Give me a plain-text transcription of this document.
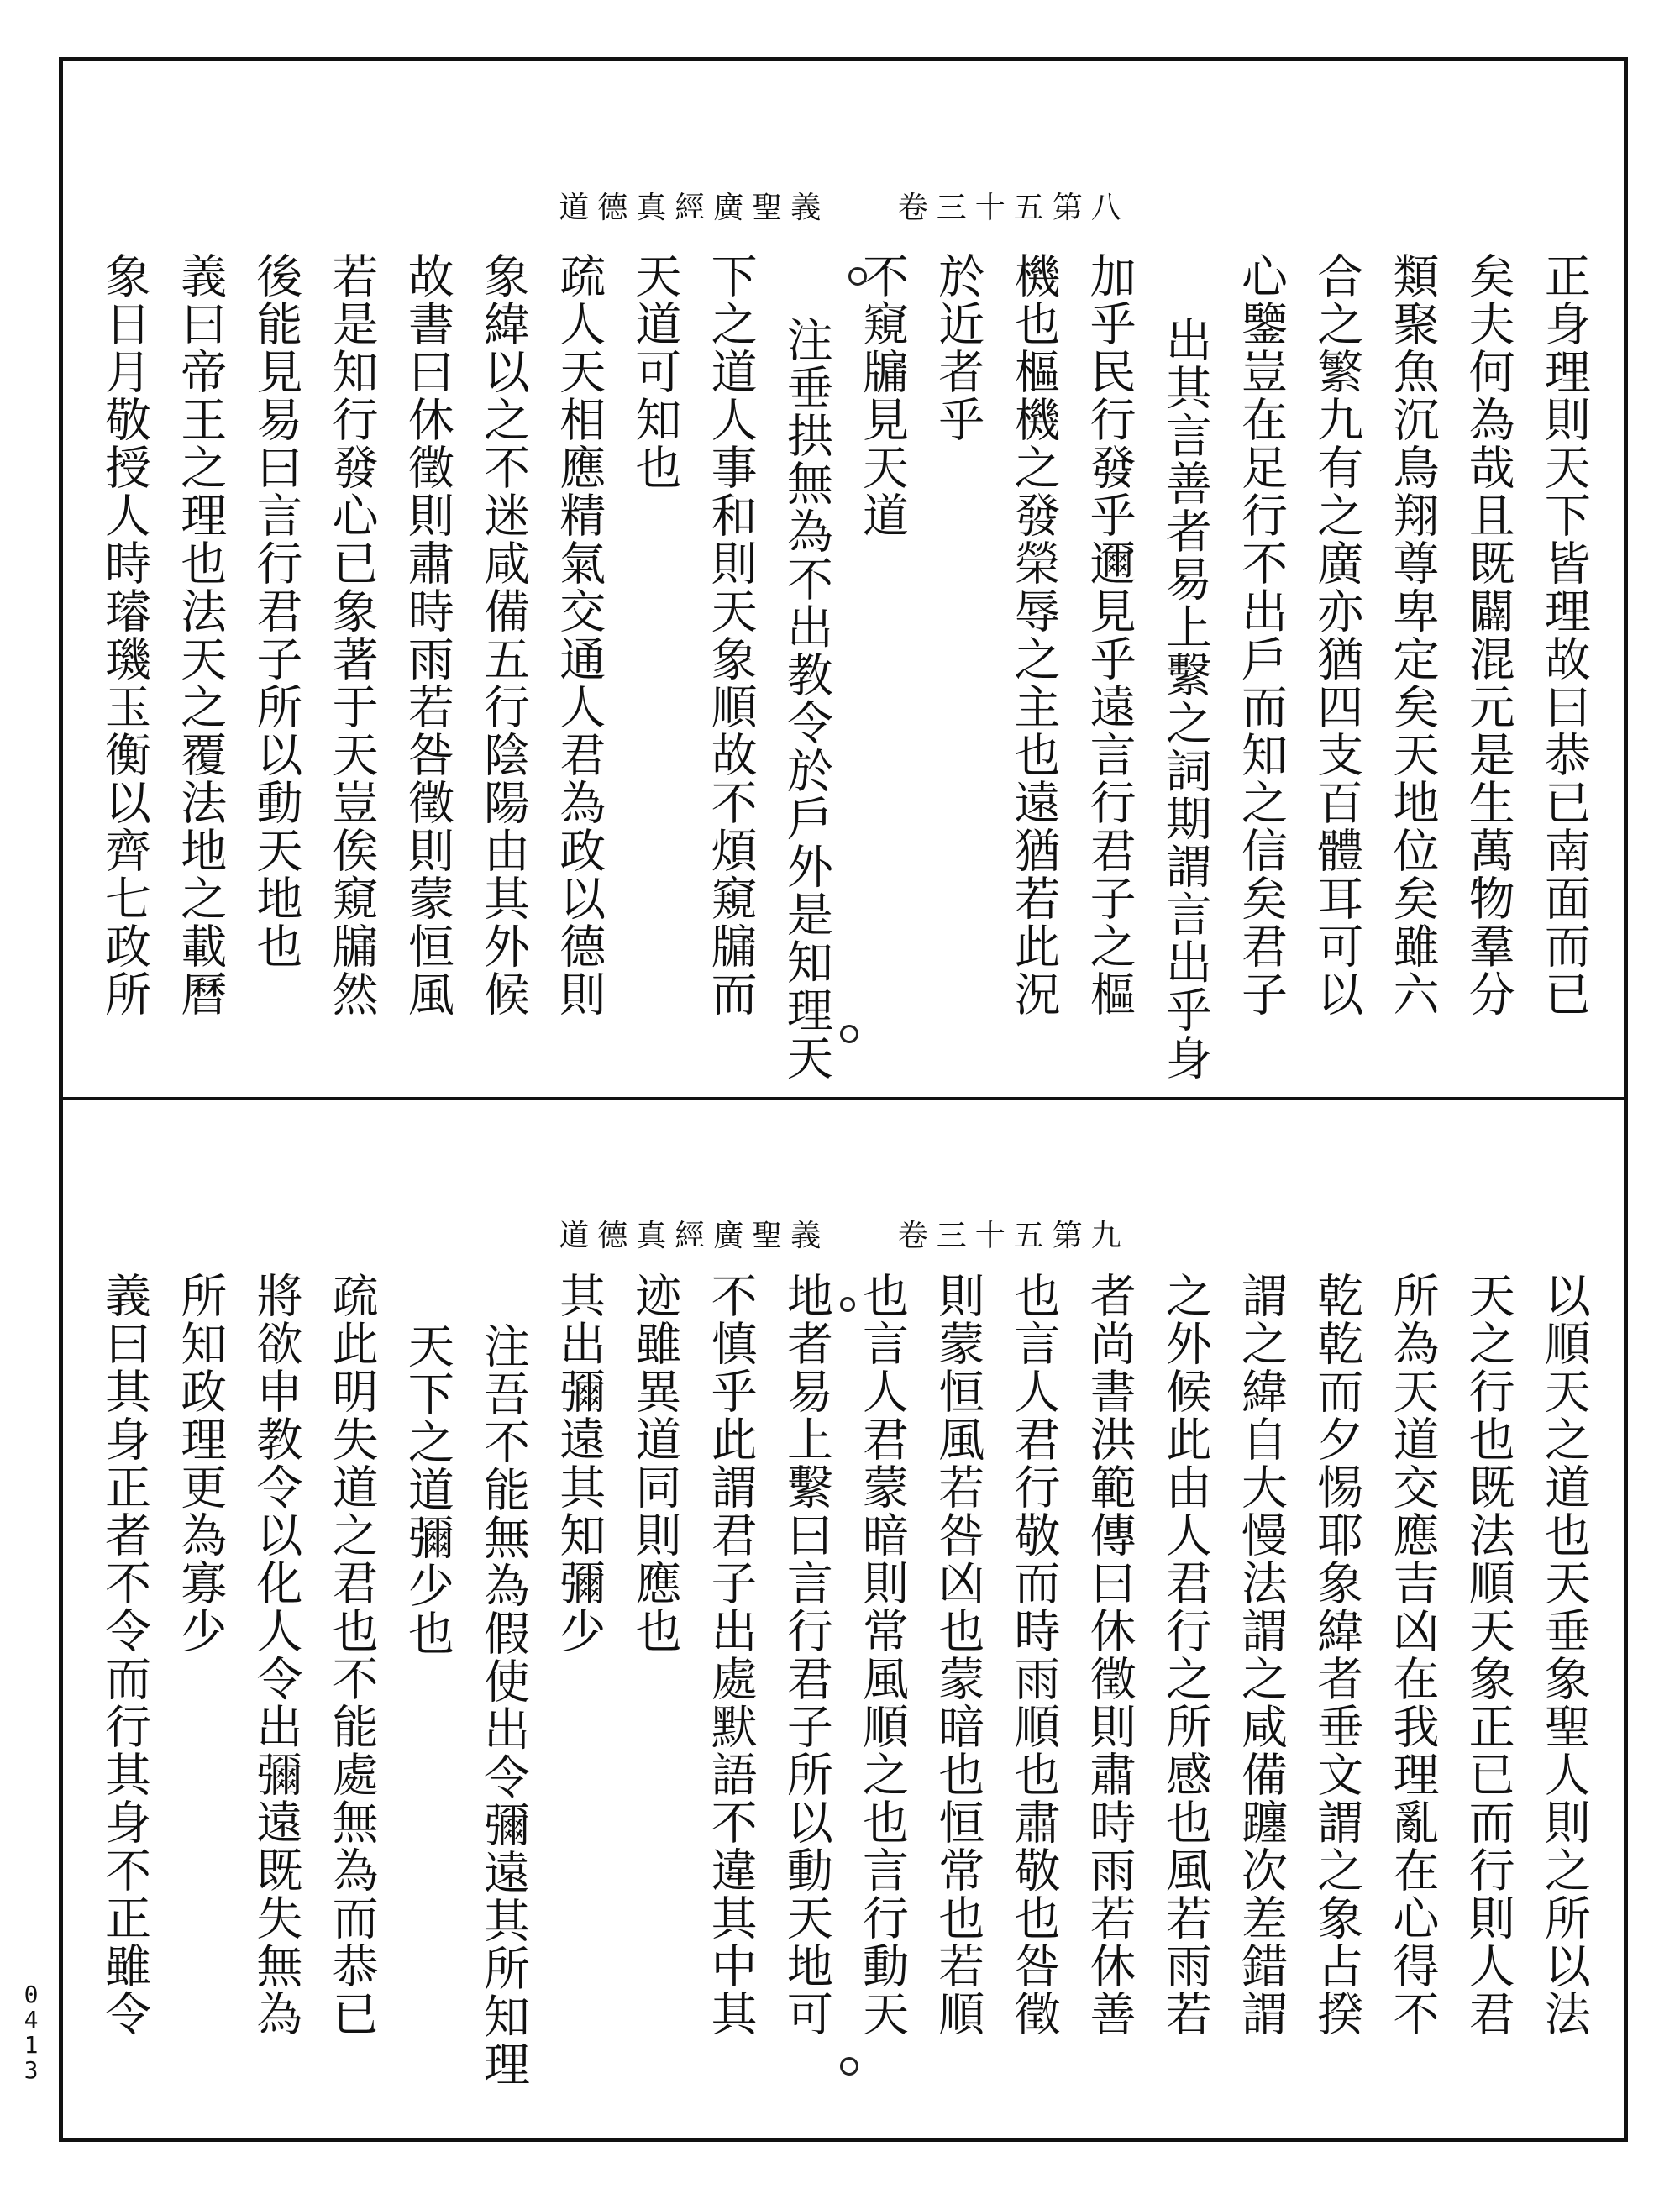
道德真經廣聖義 卷三十五第八
正身理則天下皆理故曰恭已南面而已
矣夫何為哉且既闢混元是生萬物羣分
類聚魚沉鳥翔尊卑定矣天地位矣雖六
合之繁九有之廣亦猶四支百體耳可以
心鑒豈在足行不出戶而知之信矣君子
出其言善者易上繫之詞期謂言出乎身
加乎民行發乎邇見乎遠言行君子之樞
機也樞機之發榮辱之主也遠猶若此況
於近者乎
不窺牖見天道
注垂拱無為不出教令於戶外是知理天
下之道人事和則天象順故不煩窺牖而
天道可知也
疏人天相應精氣交通人君為政以德則
象緯以之不迷咸備五行陰陽由其外候
故書曰休徵則肅時雨若咎徵則蒙恒風
若是知行發心已象著于天豈俟窺牖然
後能見易曰言行君子所以動天地也
義曰帝王之理也法天之覆法地之載曆
象日月敬授人時璿璣玉衡以齊七政所
道德真經廣聖義 卷三十五第九
以順天之道也天垂象聖人則之所以法
天之行也既法順天象正已而行則人君
所為天道交應吉凶在我理亂在心得不
乾乾而夕惕耶象緯者垂文謂之象占揆
謂之緯自大慢法謂之咸備躔次差錯謂
之外候此由人君行之所感也風若雨若
者尚書洪範傳曰休徵則肅時雨若休善
也言人君行敬而時雨順也肅敬也咎徵
則蒙恒風若咎凶也蒙暗也恒常也若順
也言人君蒙暗則常風順之也言行動天
地者易上繫曰言行君子所以動天地可
不慎乎此謂君子出處默語不違其中其
迹雖異道同則應也
其出彌遠其知彌少
注吾不能無為假使出令彌遠其所知理
天下之道彌少也
疏此明失道之君也不能處無為而恭已
將欲申教令以化人令出彌遠既失無為
所知政理更為寡少
義曰其身正者不令而行其身不正雖令
0413
